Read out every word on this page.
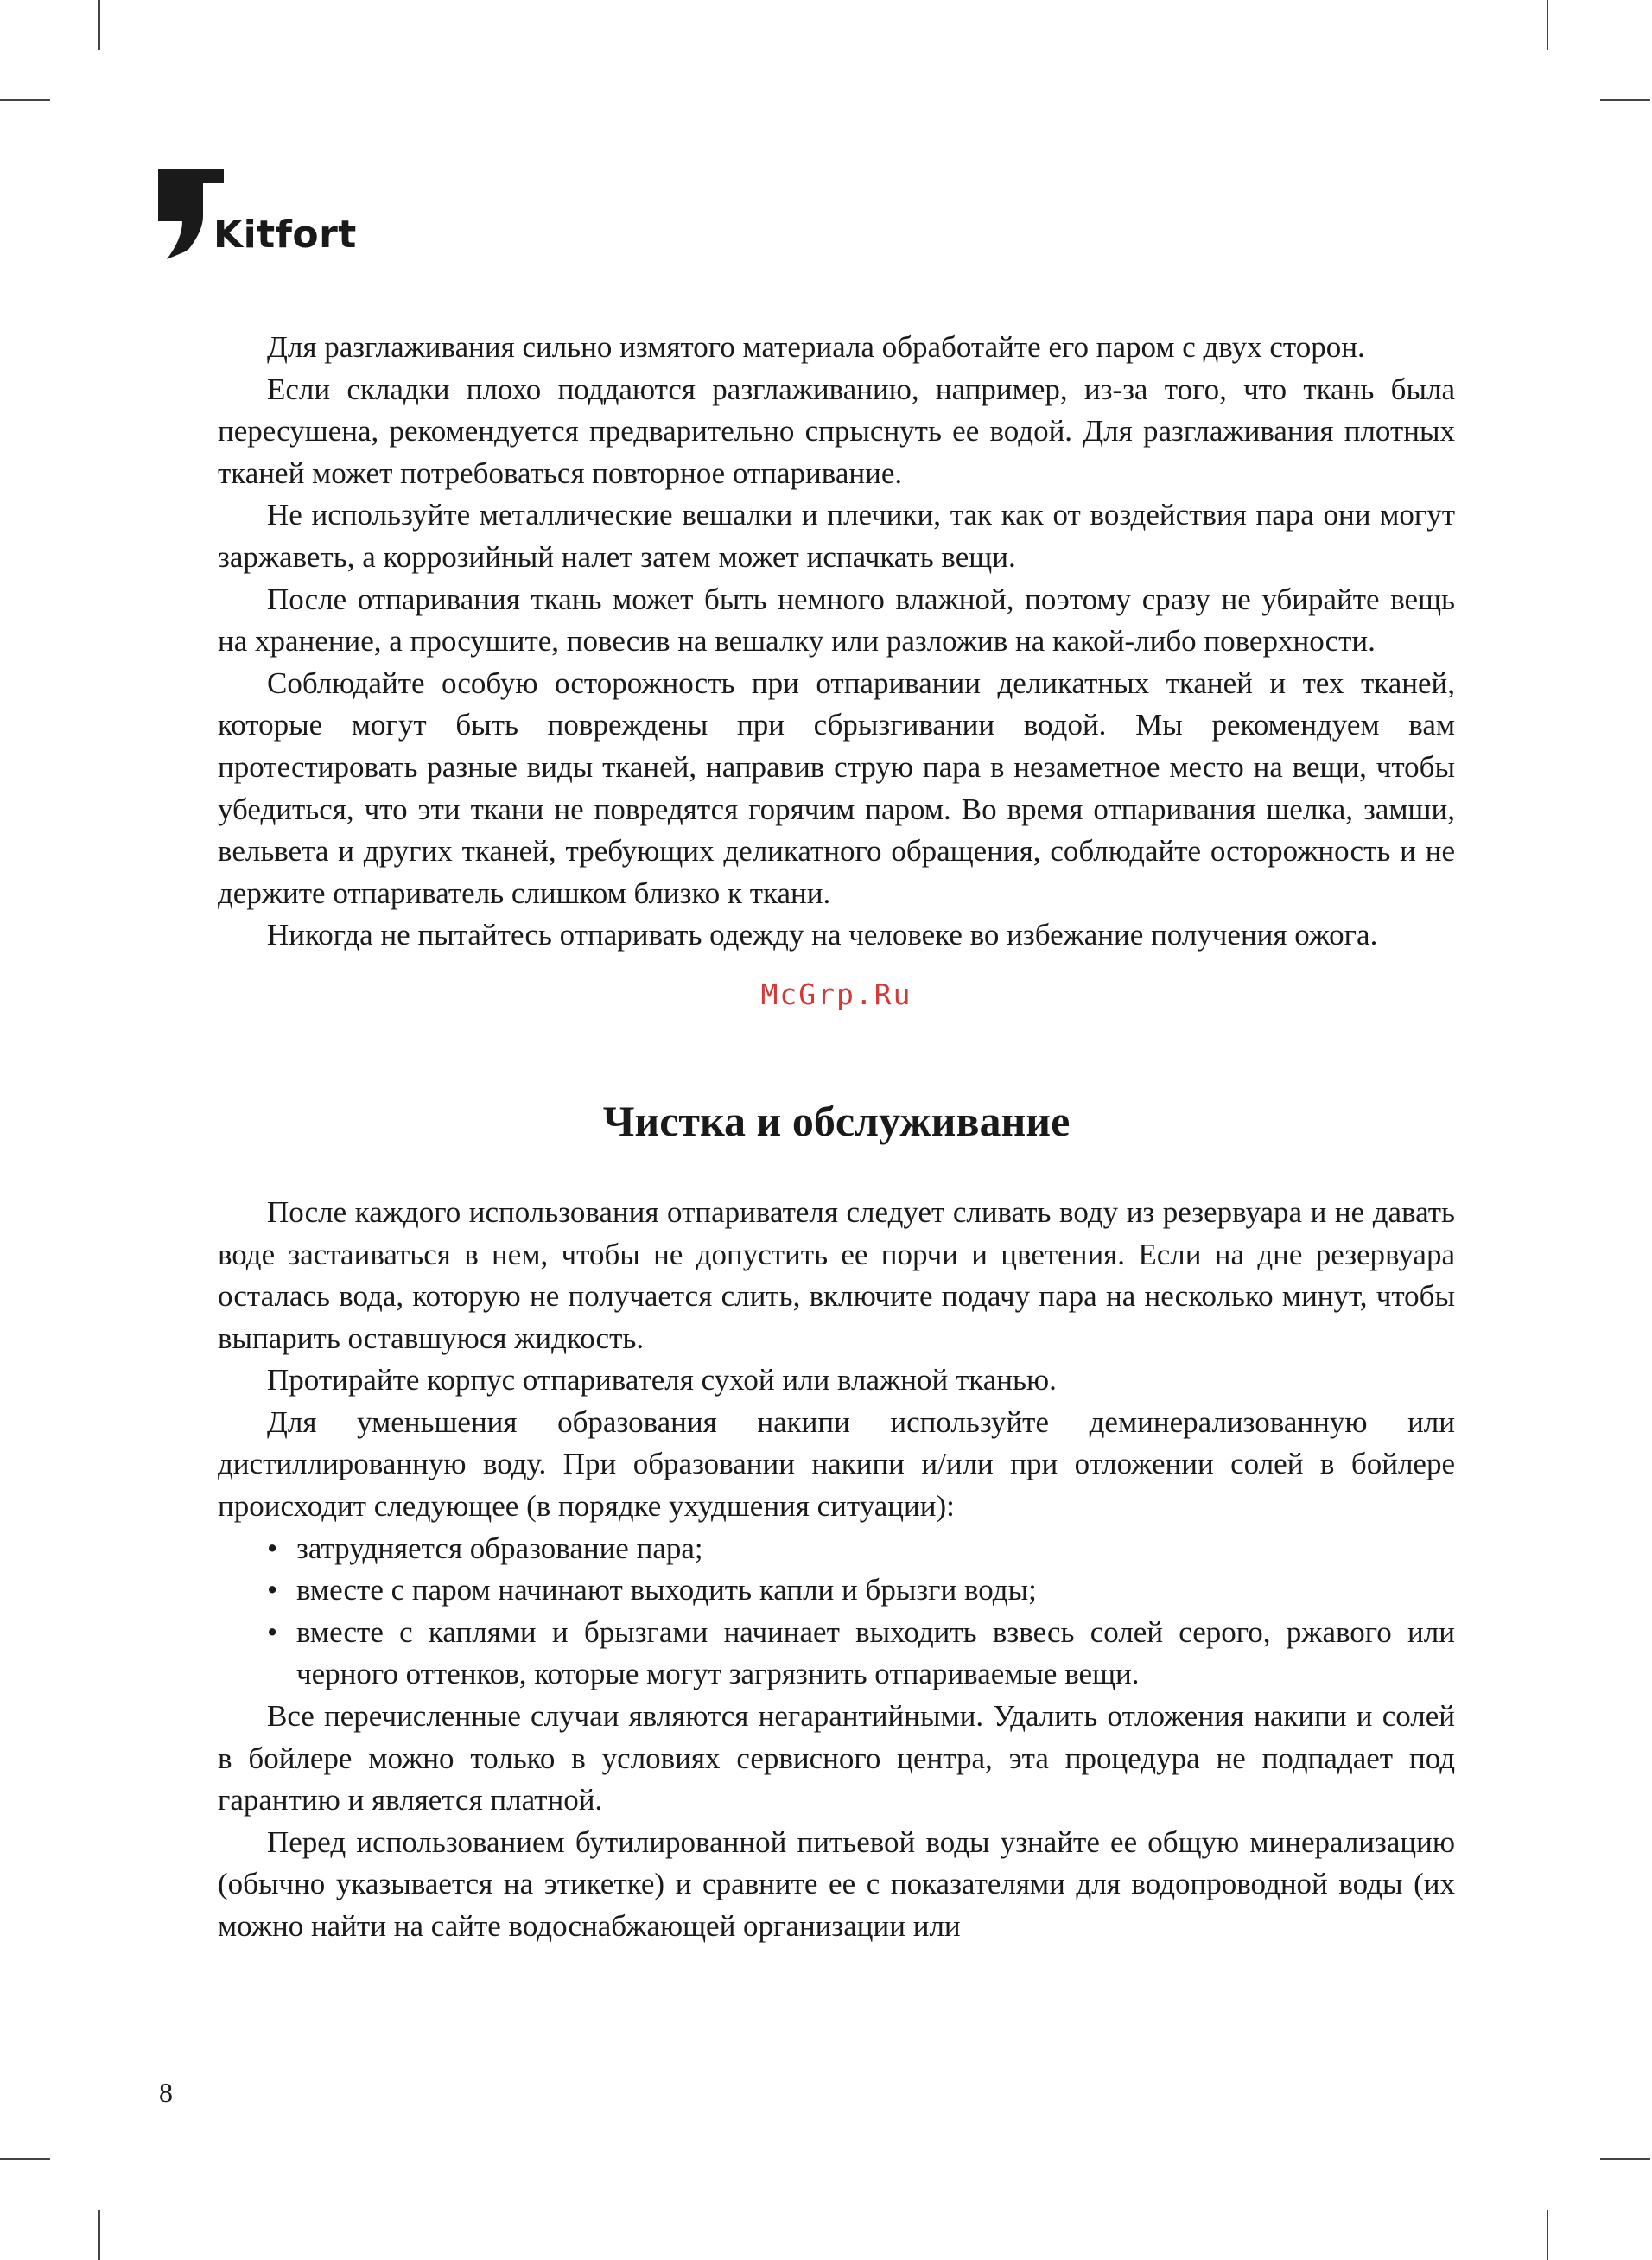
Kitfort

Для разглаживания сильно измятого материала обработайте его паром с двух сторон.

Если складки плохо поддаются разглаживанию, например, из-за того, что ткань была пересушена, рекомендуется предварительно спрыснуть ее водой. Для разглаживания плотных тканей может потребоваться повторное отпаривание.

Не используйте металлические вешалки и плечики, так как от воздействия пара они могут заржаветь, а коррозийный налет затем может испачкать вещи.

После отпаривания ткань может быть немного влажной, поэтому сразу не убирайте вещь на хранение, а просушите, повесив на вешалку или разложив на какой-либо поверхности.

Соблюдайте особую осторожность при отпаривании деликатных тканей и тех тканей, которые могут быть повреждены при сбрызгивании водой. Мы рекомендуем вам протестировать разные виды тканей, направив струю пара в незаметное место на вещи, чтобы убедиться, что эти ткани не повредятся горячим паром. Во время отпаривания шелка, замши, вельвета и других тканей, требующих деликатного обращения, соблюдайте осторожность и не держите отпариватель слишком близко к ткани.

Никогда не пытайтесь отпаривать одежду на человеке во избежание получения ожога.

McGrp.Ru
Чистка и обслуживание

После каждого использования отпаривателя следует сливать воду из резервуара и не давать воде застаиваться в нем, чтобы не допустить ее порчи и цветения. Если на дне резервуара осталась вода, которую не получается слить, включите подачу пара на несколько минут, чтобы выпарить оставшуюся жидкость.

Протирайте корпус отпаривателя сухой или влажной тканью.

Для уменьшения образования накипи используйте деминерализованную или дистиллированную воду. При образовании накипи и/или при отложении солей в бойлере происходит следующее (в порядке ухудшения ситуации):

• затрудняется образование пара;
• вместе с паром начинают выходить капли и брызги воды;
• вместе с каплями и брызгами начинает выходить взвесь солей серого, ржавого или черного оттенков, которые могут загрязнить отпариваемые вещи.

Все перечисленные случаи являются негарантийными. Удалить отложения накипи и солей в бойлере можно только в условиях сервисного центра, эта процедура не подпадает под гарантию и является платной.

Перед использованием бутилированной питьевой воды узнайте ее общую минерализацию (обычно указывается на этикетке) и сравните ее с показателями для водопроводной воды (их можно найти на сайте водоснабжающей организации или

8
